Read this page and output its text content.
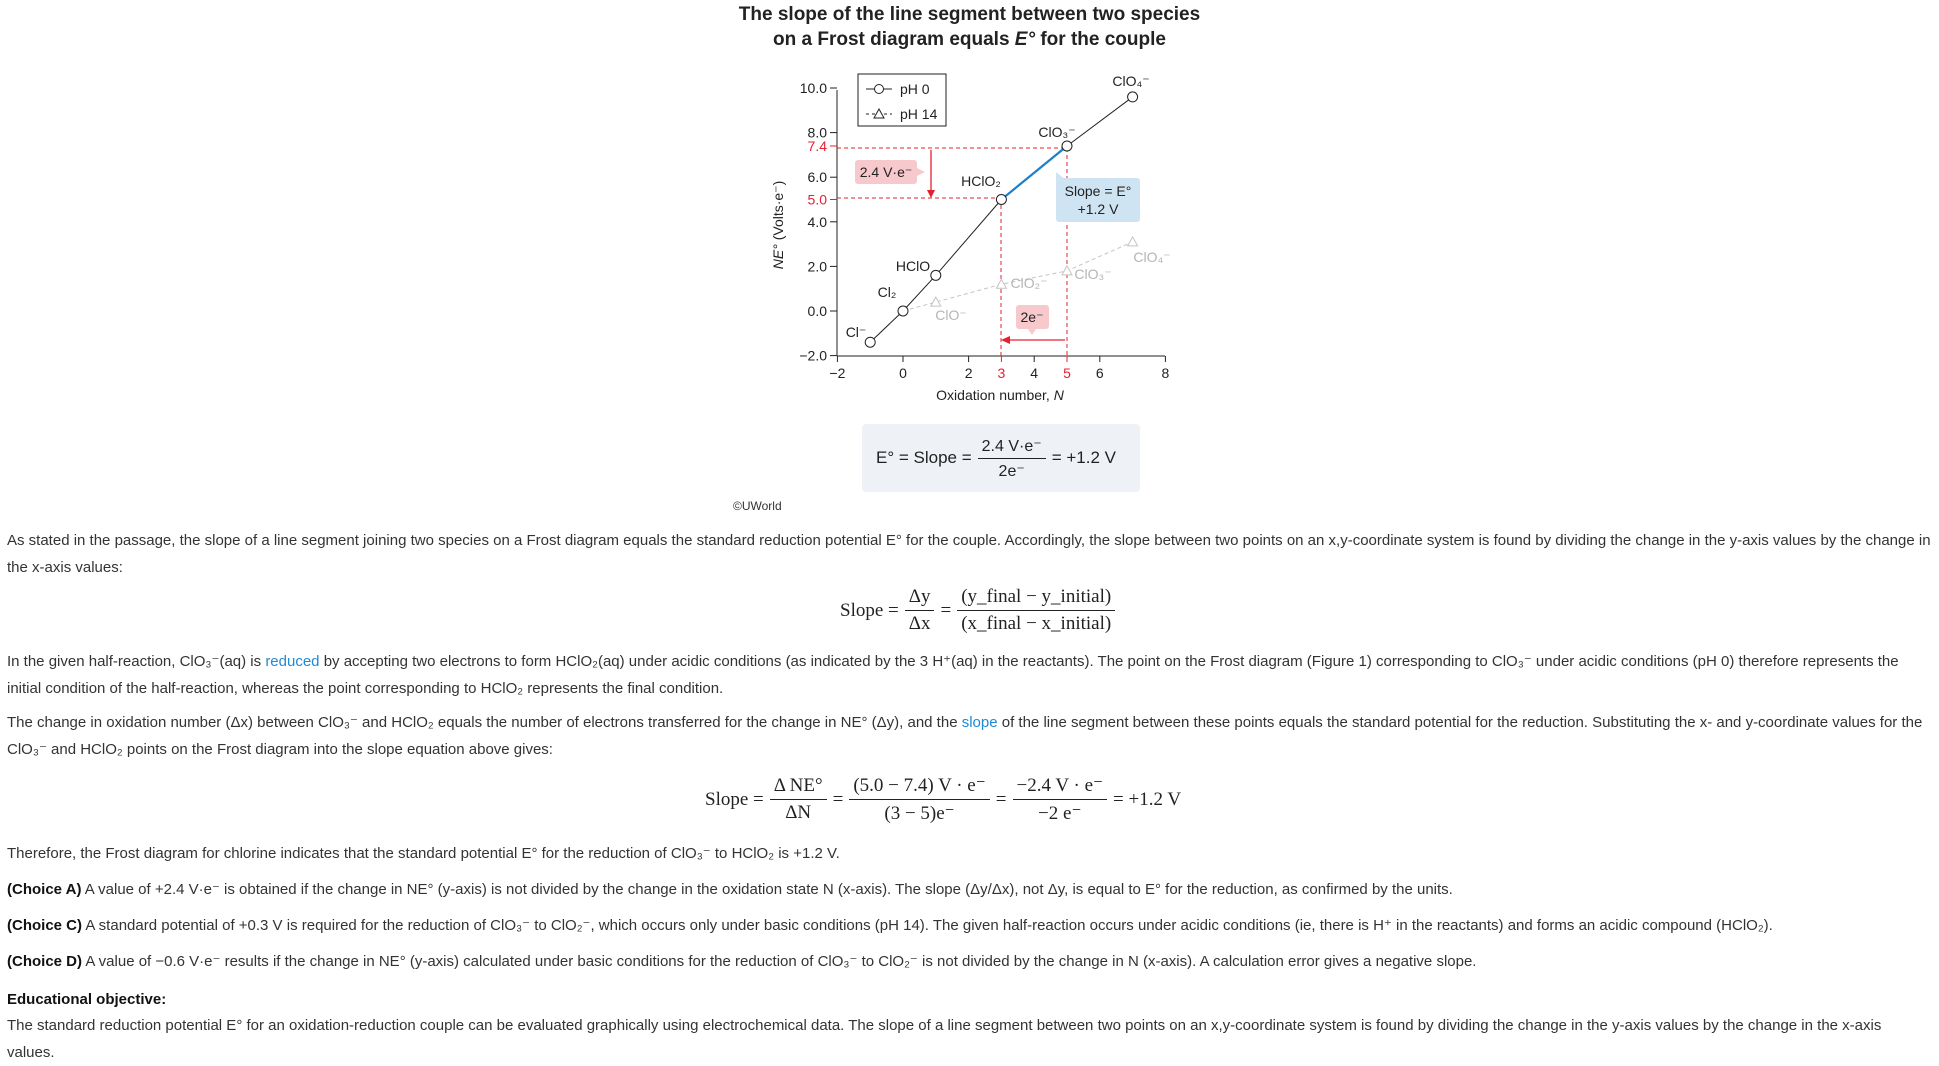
The slope of the line segment between two species
on a Frost diagram equals E° for the couple
10.0
8.0
7.4
6.0
5.0
4.0
2.0
0.0
−2.0
−2	0	2 3 4 5 6	8
NE° (Volts·e⁻)
Oxidation number, N
ClO⁻
ClO₂⁻
ClO₃⁻
ClO₄⁻
Cl⁻
Cl₂
HClO
HClO₂
ClO₃⁻
ClO₄⁻
2.4 V·e⁻
2e⁻
Slope = E°
+1.2 V
pH 0
pH 14
E° = Slope = $\frac{2.4 V\cdot e^-}{2e^-} = +1.2$ V
©UWorld
As stated in the passage, the slope of a line segment joining two species on a Frost diagram equals the standard reduction potential E° for the couple. Accordingly, the slope between two points on an x,y-coordinate system is found by dividing the change in the y-axis values by the change in the x-axis values:
Slope = $\frac{\Delta y}{\Delta x} = \frac{\text{(y\_final − y\_initial)}}{\text{(x\_final − x\_initial)}}$
In the given half-reaction, ClO₃⁻(aq) is reduced by accepting two electrons to form HClO₂(aq) under acidic conditions (as indicated by the 3 H⁺(aq) in the reactants). The point on the Frost diagram (Figure 1) corresponding to ClO₃⁻ under acidic conditions (pH 0) therefore represents the initial condition of the half-reaction, whereas the point corresponding to HClO₂ represents the final condition.
The change in oxidation number (Δx) between ClO₃⁻ and HClO₂ equals the number of electrons transferred for the change in NE° (Δy), and the slope of the line segment between these points equals the standard potential for the reduction. Substituting the x- and y-coordinate values for the ClO₃⁻ and HClO₂ points on the Frost diagram into the slope equation above gives:
Slope = $\frac{\text{Δ NE°}}{\Delta N} = \frac{(5.0 - 7.4) V \cdot e^-}{(3 - 5)e^-} = \frac{-2.4 V \cdot e^-}{-2 e^-} = +1.2$ V
Therefore, the Frost diagram for chlorine indicates that the standard potential E° for the reduction of ClO₃⁻ to HClO₂ is +1.2 V.
(Choice A) A value of +2.4 V·e⁻ is obtained if the change in NE° (y-axis) is not divided by the change in the oxidation state N (x-axis). The slope (Δy/Δx), not Δy, is equal to E° for the reduction, as confirmed by the units.
(Choice C) A standard potential of +0.3 V is required for the reduction of ClO₃⁻ to ClO₂⁻, which occurs only under basic conditions (pH 14). The given half-reaction occurs under acidic conditions (ie, there is H⁺ in the reactants) and forms an acidic compound (HClO₂).
(Choice D) A value of −0.6 V·e⁻ results if the change in NE° (y-axis) calculated under basic conditions for the reduction of ClO₃⁻ to ClO₂⁻ is not divided by the change in N (x-axis). A calculation error gives a negative slope.
Educational objective:
The standard reduction potential E° for an oxidation-reduction couple can be evaluated graphically using electrochemical data. The slope of a line segment between two points on an x,y-coordinate system is found by dividing the change in the y-axis values by the change in the x-axis values.
